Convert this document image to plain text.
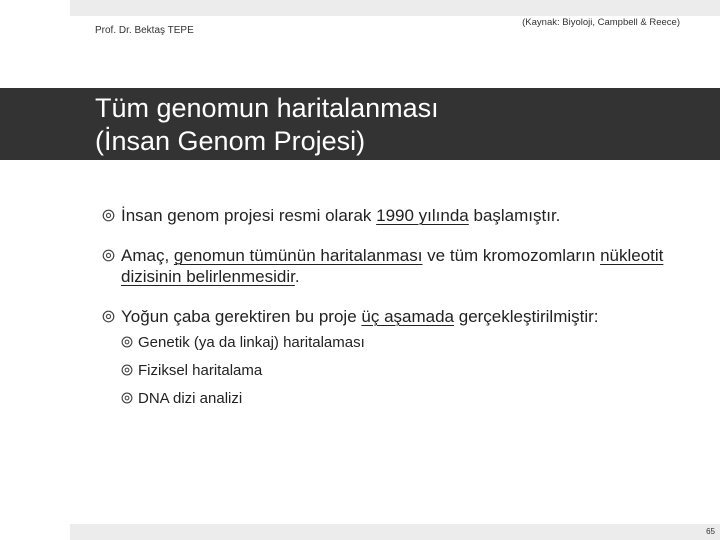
Prof. Dr. Bektaş TEPE
(Kaynak: Biyoloji, Campbell & Reece)
Tüm genomun haritalanması
(İnsan Genom Projesi)
İnsan genom projesi resmi olarak 1990 yılında başlamıştır.
Amaç, genomun tümünün haritalanması ve tüm kromozomların nükleotit dizisinin belirlenmesidir.
Yoğun çaba gerektiren bu proje üç aşamada gerçekleştirilmiştir:
Genetik (ya da linkaj) haritalaması
Fiziksel haritalama
DNA dizi analizi
65
